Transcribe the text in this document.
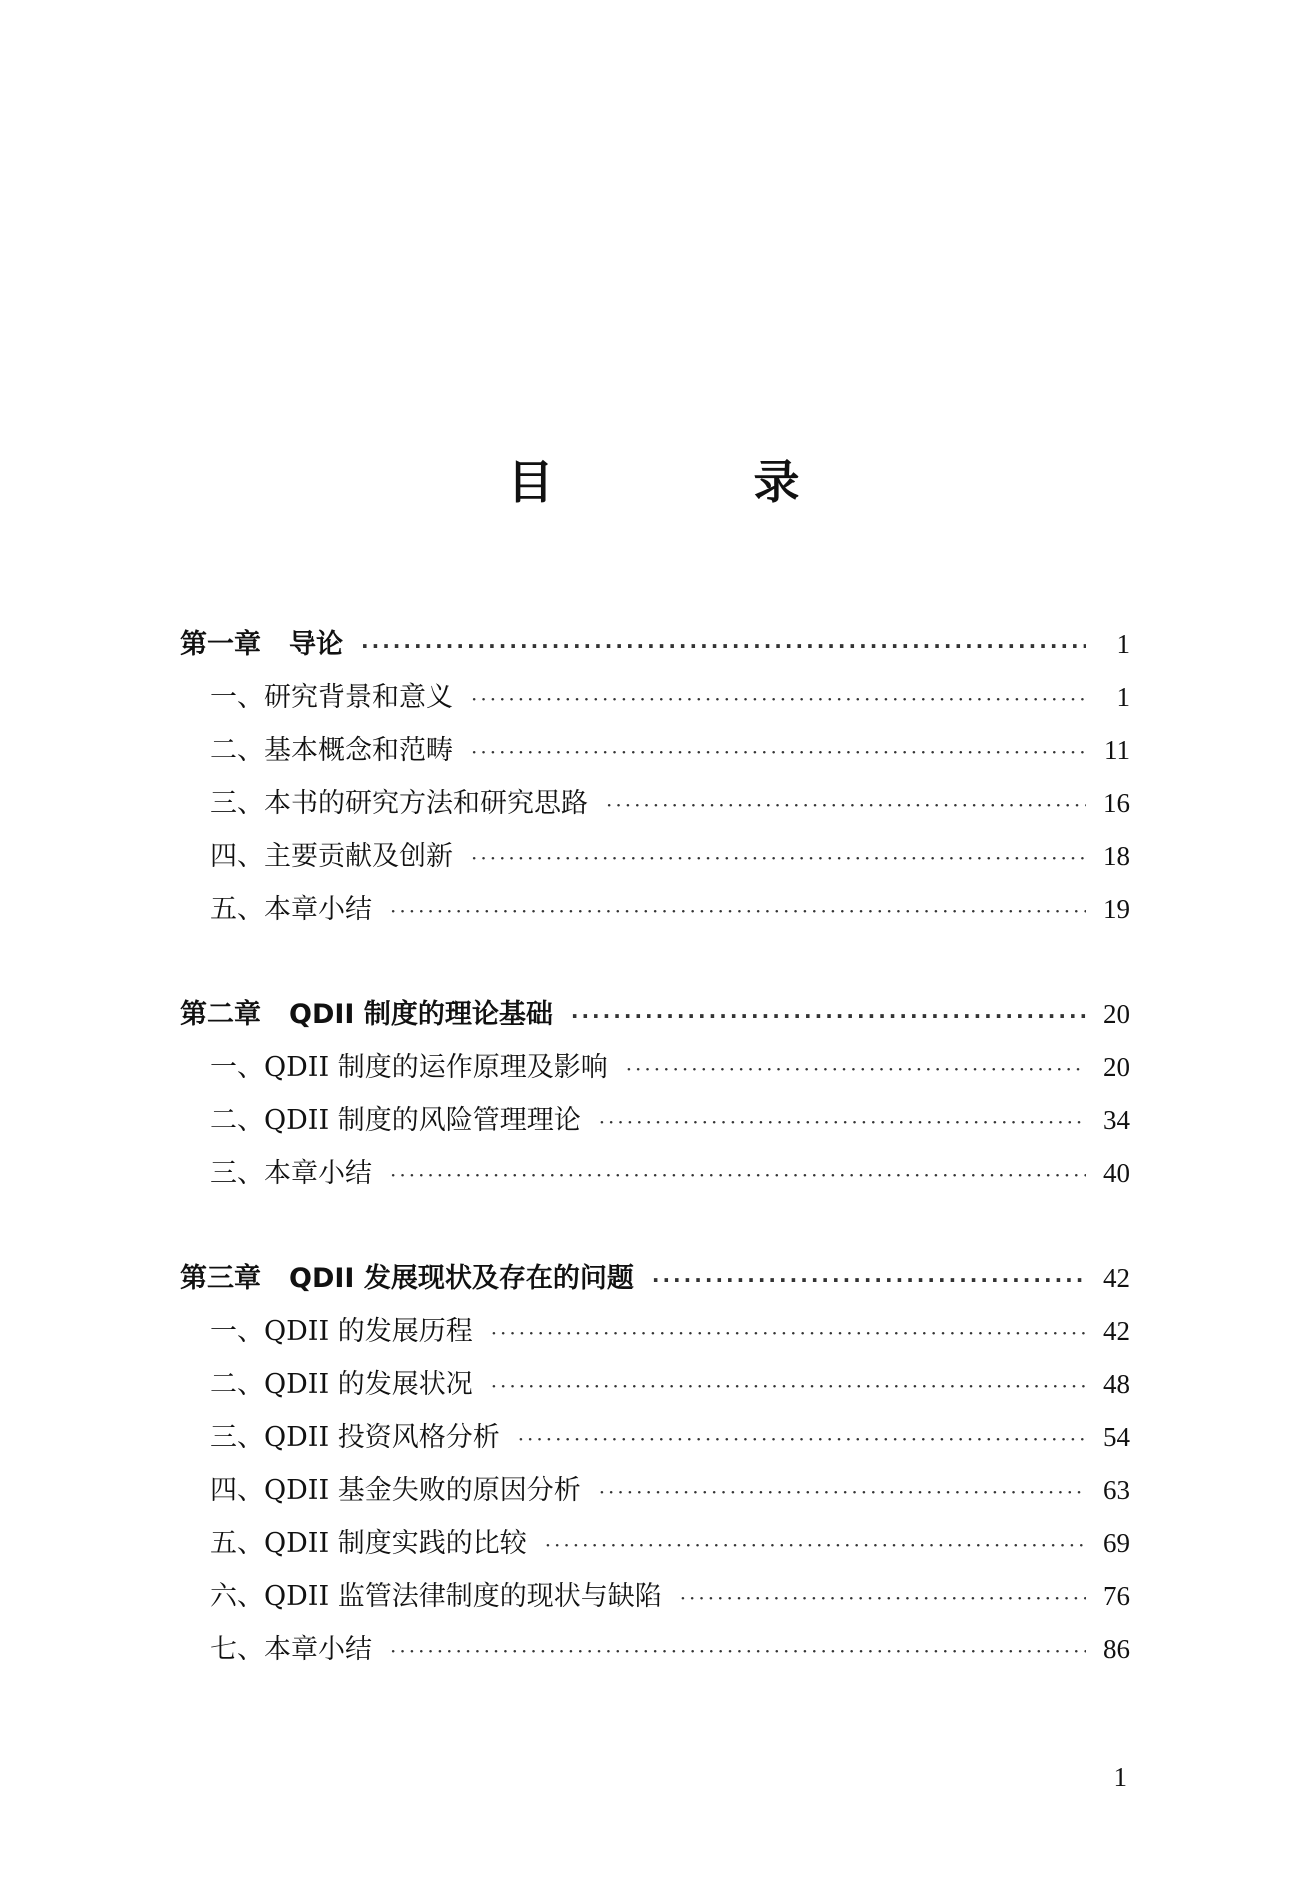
目 录
第一章 导论 ·····	1
一、研究背景和意义 ·····	1
二、基本概念和范畴 ·····	11
三、本书的研究方法和研究思路 ·····	16
四、主要贡献及创新 ·····	18
五、本章小结 ·····	19
第二章 QDII 制度的理论基础 ·····	20
一、QDII 制度的运作原理及影响 ·····	20
二、QDII 制度的风险管理理论 ·····	34
三、本章小结 ·····	40
第三章 QDII 发展现状及存在的问题 ·····	42
一、QDII 的发展历程 ·····	42
二、QDII 的发展状况 ·····	48
三、QDII 投资风格分析 ·····	54
四、QDII 基金失败的原因分析 ·····	63
五、QDII 制度实践的比较 ·····	69
六、QDII 监管法律制度的现状与缺陷 ·····	76
七、本章小结 ·····	86
1
